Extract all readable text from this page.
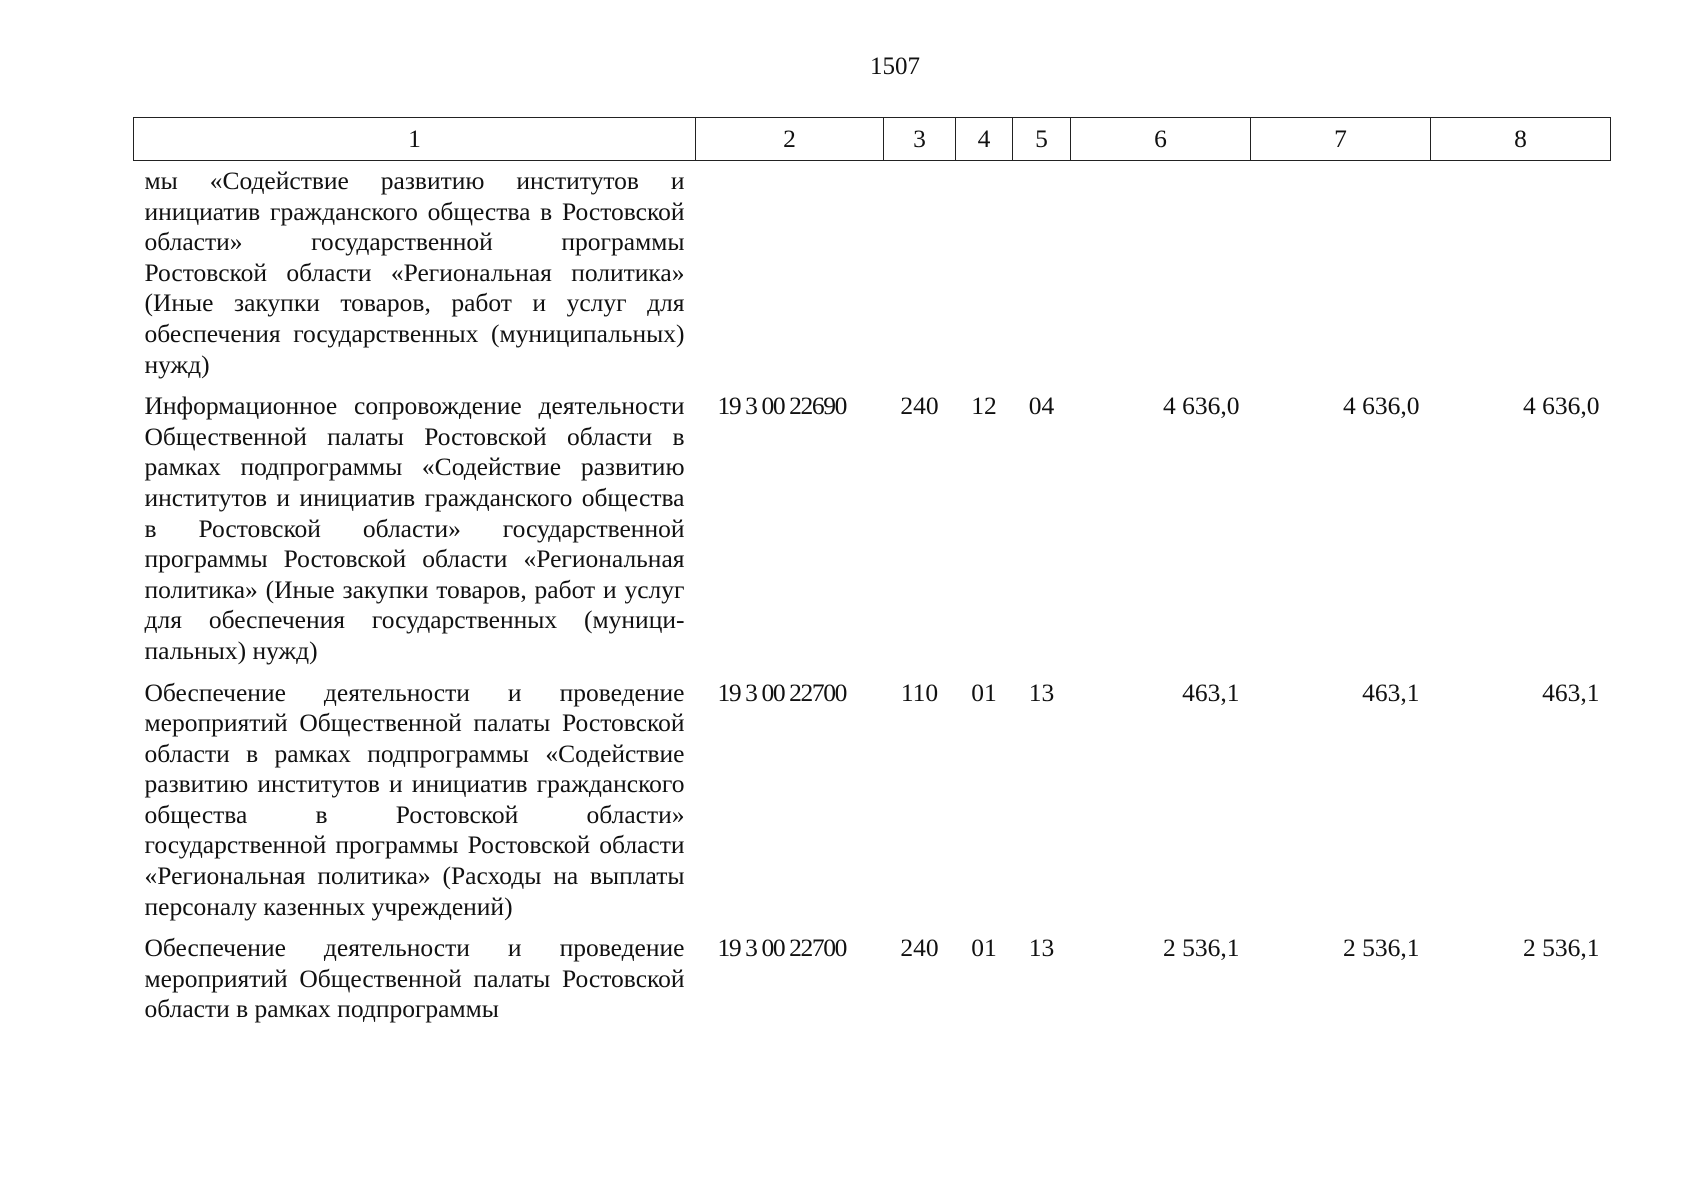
1507
1	2	3	4	5	6	7	8
мы «Содействие развитию институтов и инициатив гражданского общества в Ростовской области» государственной программы Ростовской области «Региональная политика» (Иные закупки товаров, работ и услуг для обеспечения государственных (муниципальных) нужд)							
Информационное сопровождение деятельности Общественной палаты Ростовской области в рамках подпрограммы «Содействие развитию институтов и инициатив гражданского общества в Ростовской области» государственной программы Ростовской области «Региональная политика» (Иные закупки товаров, работ и услуг для обеспечения государственных (муниципальных) нужд)	19 3 00 22690	240	12	04	4 636,0	4 636,0	4 636,0
Обеспечение деятельности и проведение мероприятий Общественной палаты Ростовской области в рамках подпрограммы «Содействие развитию институтов и инициатив гражданского общества в Ростовской области» государственной программы Ростовской области «Региональная политика» (Расходы на выплаты персоналу казенных учреждений)	19 3 00 22700	110	01	13	463,1	463,1	463,1
Обеспечение деятельности и проведение мероприятий Общественной палаты Ростовской области в рамках подпрограммы	19 3 00 22700	240	01	13	2 536,1	2 536,1	2 536,1
